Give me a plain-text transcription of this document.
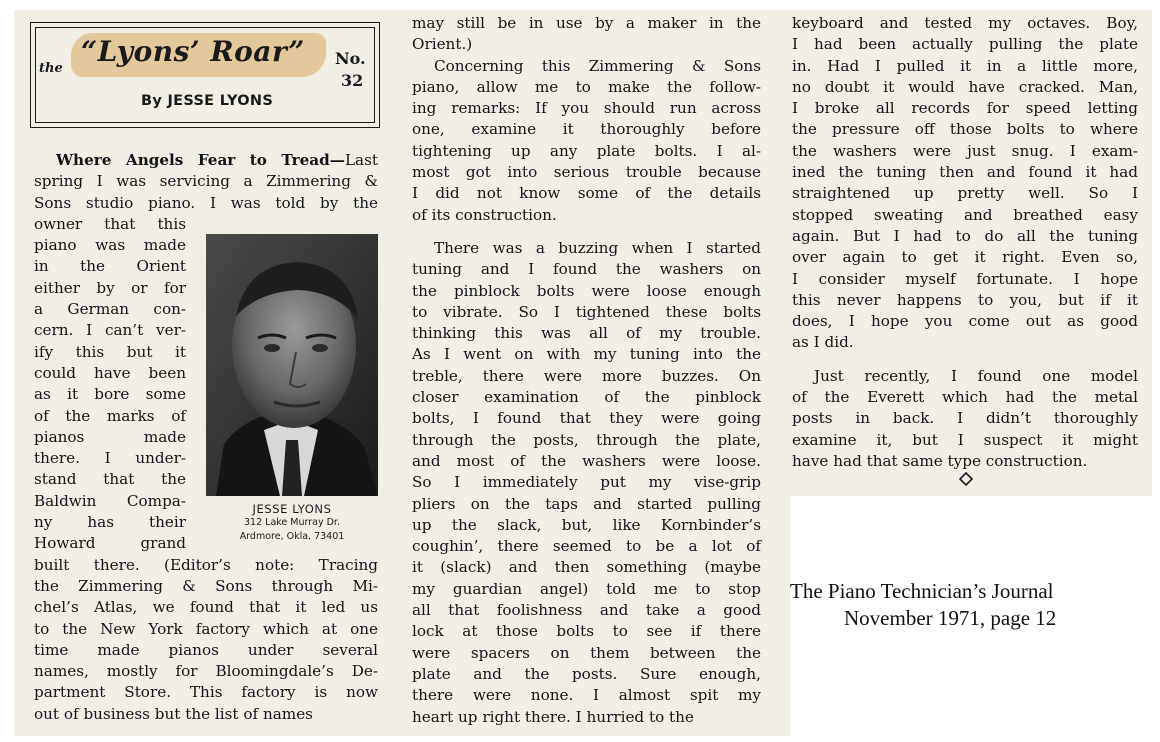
the
“Lyons’ Roar” No.
32
By JESSE LYONS
Where Angels Fear to Tread—Last
spring I was servicing a Zimmering &
Sons studio piano. I was told by the
owner that this
piano was made
in the Orient
either by or for
a German con-
cern. I can’t ver-
ify this but it
could have been
as it bore some
of the marks of
pianos made
there. I under-
stand that the
Baldwin Compa-
ny has their
Howard grand
built there. (Editor’s note: Tracing
the Zimmering & Sons through Mi-
chel’s Atlas, we found that it led us
to the New York factory which at one
time made pianos under several
names, mostly for Bloomingdale’s De-
partment Store. This factory is now
out of business but the list of names
JESSE LYONS
312 Lake Murray Dr.
Ardmore, Okla. 73401
may still be in use by a maker in the
Orient.)
Concerning this Zimmering & Sons
piano, allow me to make the follow-
ing remarks: If you should run across
one, examine it thoroughly before
tightening up any plate bolts. I al-
most got into serious trouble because
I did not know some of the details
of its construction.
There was a buzzing when I started
tuning and I found the washers on
the pinblock bolts were loose enough
to vibrate. So I tightened these bolts
thinking this was all of my trouble.
As I went on with my tuning into the
treble, there were more buzzes. On
closer examination of the pinblock
bolts, I found that they were going
through the posts, through the plate,
and most of the washers were loose.
So I immediately put my vise-grip
pliers on the taps and started pulling
up the slack, but, like Kornbinder’s
coughin’, there seemed to be a lot of
it (slack) and then something (maybe
my guardian angel) told me to stop
all that foolishness and take a good
lock at those bolts to see if there
were spacers on them between the
plate and the posts. Sure enough,
there were none. I almost spit my
heart up right there. I hurried to the
keyboard and tested my octaves. Boy,
I had been actually pulling the plate
in. Had I pulled it in a little more,
no doubt it would have cracked. Man,
I broke all records for speed letting
the pressure off those bolts to where
the washers were just snug. I exam-
ined the tuning then and found it had
straightened up pretty well. So I
stopped sweating and breathed easy
again. But I had to do all the tuning
over again to get it right. Even so,
I consider myself fortunate. I hope
this never happens to you, but if it
does, I hope you come out as good
as I did.
Just recently, I found one model
of the Everett which had the metal
posts in back. I didn’t thoroughly
examine it, but I suspect it might
have had that same type construction.
The Piano Technician’s Journal
November 1971, page 12
